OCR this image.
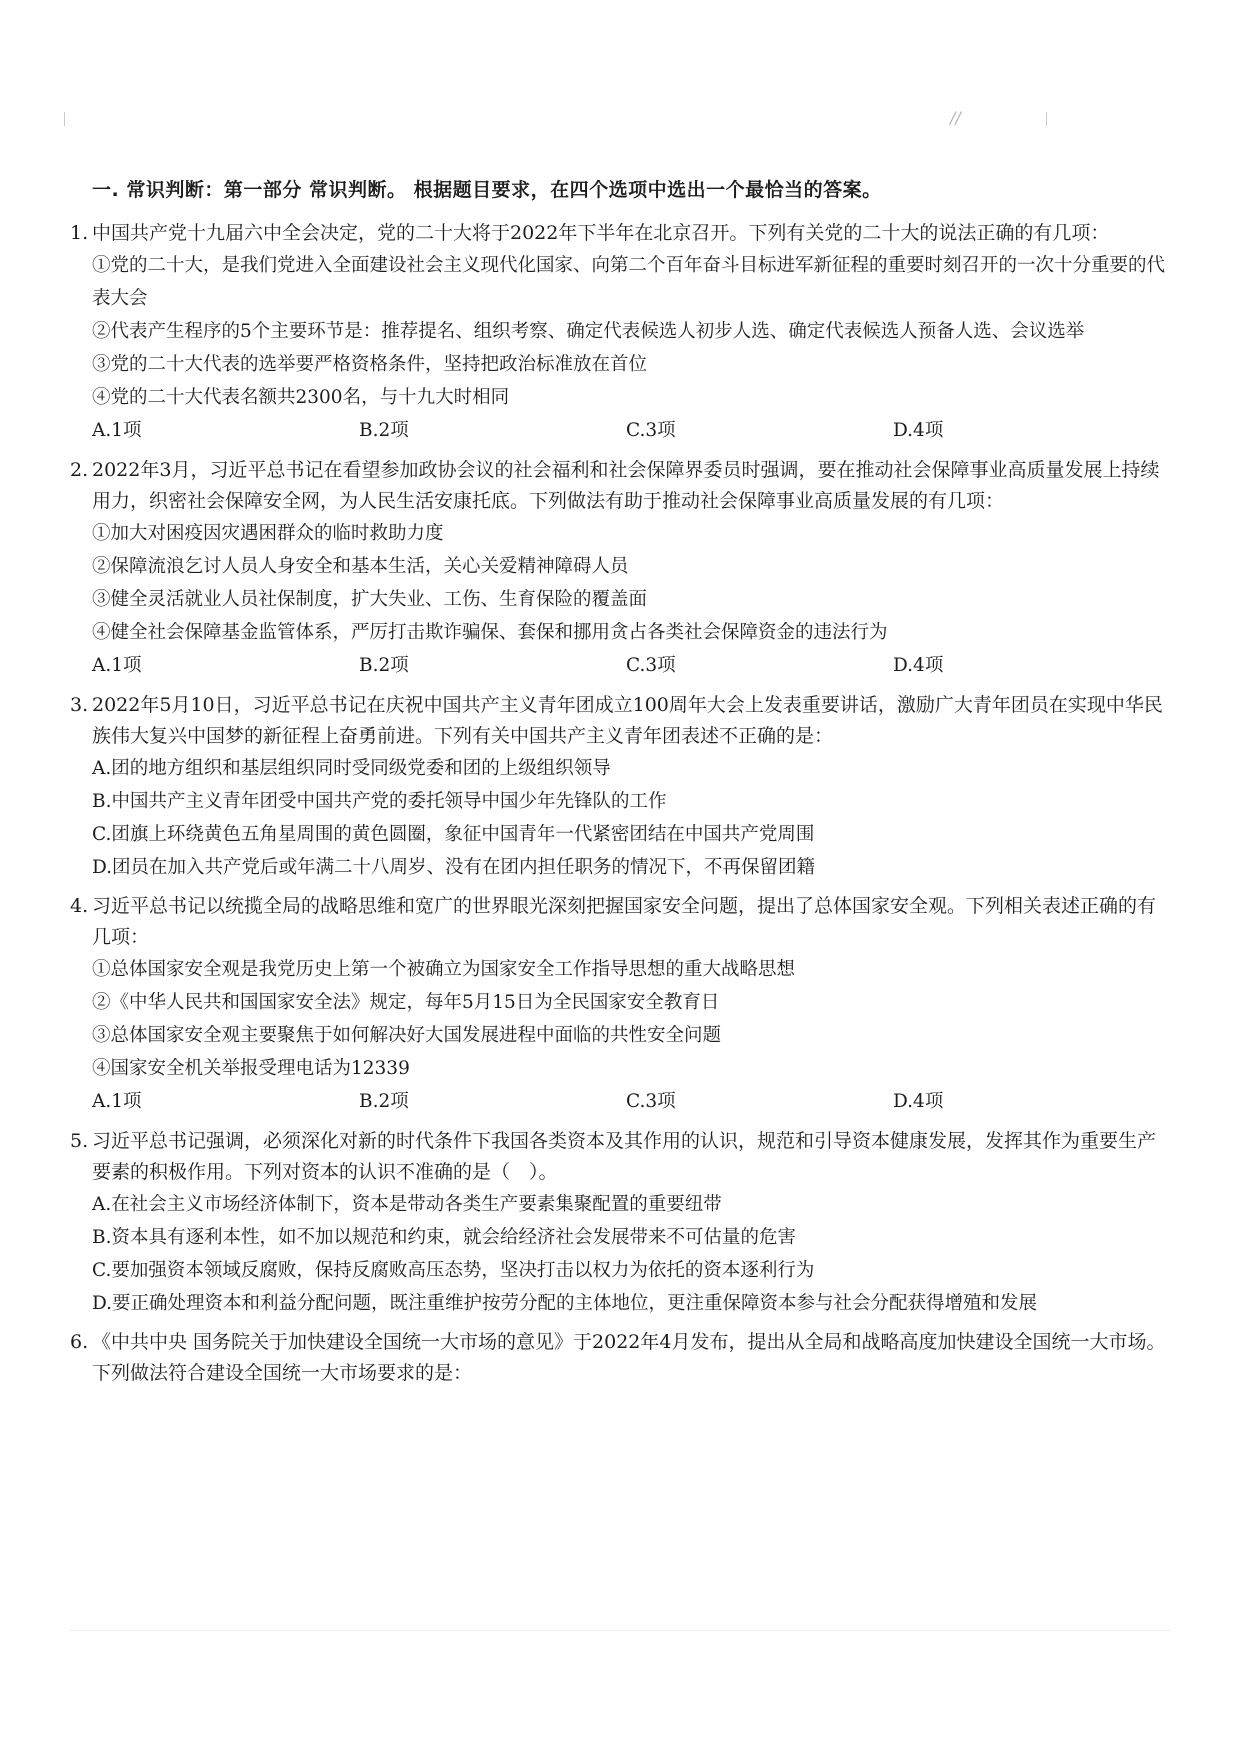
//
一. 常识判断：第一部分 常识判断。 根据题目要求，在四个选项中选出一个最恰当的答案。

1. 中国共产党十九届六中全会决定，党的二十大将于2022年下半年在北京召开。下列有关党的二十大的说法正确的有几项：

①党的二十大，是我们党进入全面建设社会主义现代化国家、向第二个百年奋斗目标进军新征程的重要时刻召开的一次十分重要的代表大会

②代表产生程序的5个主要环节是：推荐提名、组织考察、确定代表候选人初步人选、确定代表候选人预备人选、会议选举

③党的二十大代表的选举要严格资格条件，坚持把政治标准放在首位

④党的二十大代表名额共2300名，与十九大时相同

A.1项	B.2项	C.3项	D.4项

2. 2022年3月，习近平总书记在看望参加政协会议的社会福利和社会保障界委员时强调，要在推动社会保障事业高质量发展上持续用力，织密社会保障安全网，为人民生活安康托底。下列做法有助于推动社会保障事业高质量发展的有几项：

①加大对困疫因灾遇困群众的临时救助力度

②保障流浪乞讨人员人身安全和基本生活，关心关爱精神障碍人员

③健全灵活就业人员社保制度，扩大失业、工伤、生育保险的覆盖面

④健全社会保障基金监管体系，严厉打击欺诈骗保、套保和挪用贪占各类社会保障资金的违法行为

A.1项	B.2项	C.3项	D.4项

3. 2022年5月10日，习近平总书记在庆祝中国共产主义青年团成立100周年大会上发表重要讲话，激励广大青年团员在实现中华民族伟大复兴中国梦的新征程上奋勇前进。下列有关中国共产主义青年团表述不正确的是：

A.团的地方组织和基层组织同时受同级党委和团的上级组织领导

B.中国共产主义青年团受中国共产党的委托领导中国少年先锋队的工作

C.团旗上环绕黄色五角星周围的黄色圆圈，象征中国青年一代紧密团结在中国共产党周围

D.团员在加入共产党后或年满二十八周岁、没有在团内担任职务的情况下，不再保留团籍

4. 习近平总书记以统揽全局的战略思维和宽广的世界眼光深刻把握国家安全问题，提出了总体国家安全观。下列相关表述正确的有几项：

①总体国家安全观是我党历史上第一个被确立为国家安全工作指导思想的重大战略思想

②《中华人民共和国国家安全法》规定，每年5月15日为全民国家安全教育日

③总体国家安全观主要聚焦于如何解决好大国发展进程中面临的共性安全问题

④国家安全机关举报受理电话为12339

A.1项	B.2项	C.3项	D.4项

5. 习近平总书记强调，必须深化对新的时代条件下我国各类资本及其作用的认识，规范和引导资本健康发展，发挥其作为重要生产要素的积极作用。下列对资本的认识不准确的是（　）。

A.在社会主义市场经济体制下，资本是带动各类生产要素集聚配置的重要纽带

B.资本具有逐利本性，如不加以规范和约束，就会给经济社会发展带来不可估量的危害

C.要加强资本领域反腐败，保持反腐败高压态势，坚决打击以权力为依托的资本逐利行为

D.要正确处理资本和利益分配问题，既注重维护按劳分配的主体地位，更注重保障资本参与社会分配获得增殖和发展

6. 《中共中央 国务院关于加快建设全国统一大市场的意见》于2022年4月发布，提出从全局和战略高度加快建设全国统一大市场。下列做法符合建设全国统一大市场要求的是：
